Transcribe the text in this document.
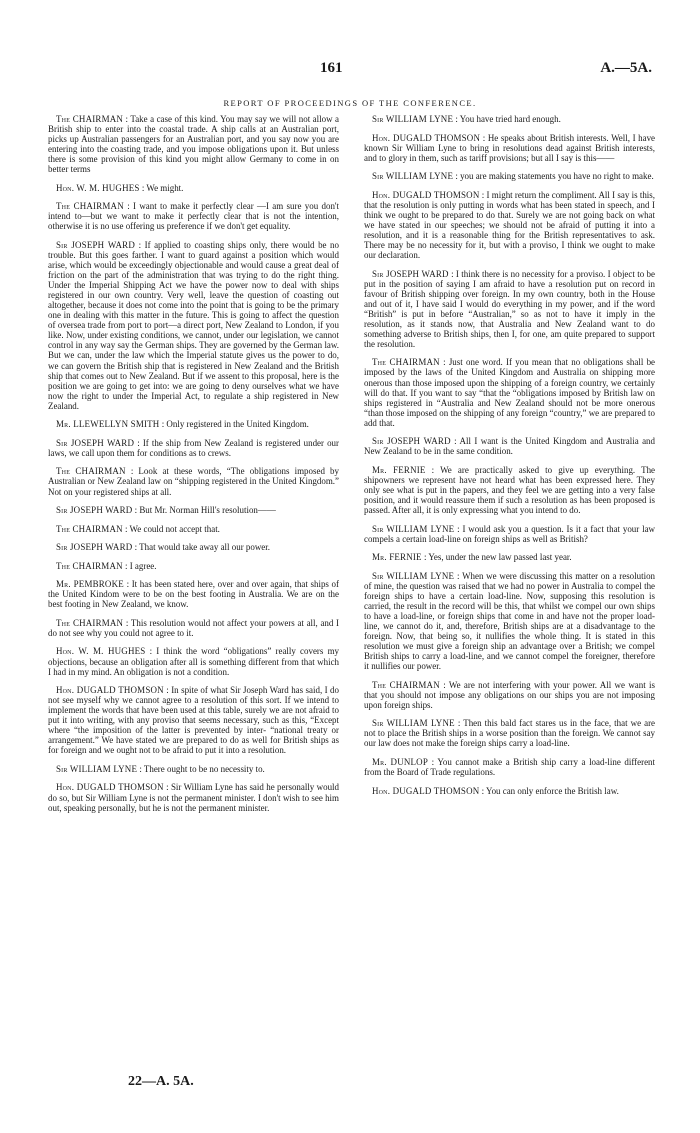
161	A.—5A.
REPORT OF PROCEEDINGS OF THE CONFERENCE.

The CHAIRMAN : Take a case of this kind. You may say we will not allow a British ship to enter into the coastal trade. A ship calls at an Australian port, picks up Australian passengers for an Australian port, and you say now you are entering into the coasting trade, and you impose obligations upon it. But unless there is some provision of this kind you might allow Germany to come in on better terms

Hon. W. M. HUGHES : We might.

The CHAIRMAN : I want to make it perfectly clear —I am sure you don't intend to—but we want to make it perfectly clear that is not the intention, otherwise it is no use offering us preference if we don't get equality.

Sir JOSEPH WARD : If applied to coasting ships only, there would be no trouble. But this goes farther. I want to guard against a position which would arise, which would be exceedingly objectionable and would cause a great deal of friction on the part of the administration that was trying to do the right thing. Under the Imperial Shipping Act we have the power now to deal with ships registered in our own country. Very well, leave the question of coasting out altogether, because it does not come into the point that is going to be the primary one in dealing with this matter in the future. This is going to affect the question of oversea trade from port to port—a direct port, New Zealand to London, if you like. Now, under existing conditions, we cannot, under our legislation, we cannot control in any way say the German ships. They are governed by the German law. But we can, under the law which the Imperial statute gives us the power to do, we can govern the British ship that is registered in New Zealand and the British ship that comes out to New Zealand. But if we assent to this proposal, here is the position we are going to get into: we are going to deny ourselves what we have now the right to under the Imperial Act, to regulate a ship registered in New Zealand.

Mr. LLEWELLYN SMITH : Only registered in the United Kingdom.

Sir JOSEPH WARD : If the ship from New Zealand is registered under our laws, we call upon them for conditions as to crews.

The CHAIRMAN : Look at these words, “The obligations imposed by Australian or New Zealand law on “shipping registered in the United Kingdom.” Not on your registered ships at all.

Sir JOSEPH WARD : But Mr. Norman Hill's resolution——

The CHAIRMAN : We could not accept that.

Sir JOSEPH WARD : That would take away all our power.

The CHAIRMAN : I agree.

Mr. PEMBROKE : It has been stated here, over and over again, that ships of the United Kindom were to be on the best footing in Australia. We are on the best footing in New Zealand, we know.

The CHAIRMAN : This resolution would not affect your powers at all, and I do not see why you could not agree to it.

Hon. W. M. HUGHES : I think the word “obligations” really covers my objections, because an obligation after all is something different from that which I had in my mind. An obligation is not a condition.

Hon. DUGALD THOMSON : In spite of what Sir Joseph Ward has said, I do not see myself why we cannot agree to a resolution of this sort. If we intend to implement the words that have been used at this table, surely we are not afraid to put it into writing, with any proviso that seems necessary, such as this, “Except where “the imposition of the latter is prevented by inter- “national treaty or arrangement.” We have stated we are prepared to do as well for British ships as for foreign and we ought not to be afraid to put it into a resolution.

Sir WILLIAM LYNE : There ought to be no necessity to.

Hon. DUGALD THOMSON : Sir William Lyne has said he personally would do so, but Sir William Lyne is not the permanent minister. I don't wish to see him out, speaking personally, but he is not the permanent minister.

Sir WILLIAM LYNE : You have tried hard enough.

Hon. DUGALD THOMSON : He speaks about British interests. Well, I have known Sir William Lyne to bring in resolutions dead against British interests, and to glory in them, such as tariff provisions; but all I say is this——

Sir WILLIAM LYNE : you are making statements you have no right to make.

Hon. DUGALD THOMSON : I might return the compliment. All I say is this, that the resolution is only putting in words what has been stated in speech, and I think we ought to be prepared to do that. Surely we are not going back on what we have stated in our speeches; we should not be afraid of putting it into a resolution, and it is a reasonable thing for the British representatives to ask. There may be no necessity for it, but with a proviso, I think we ought to make our declaration.

Sir JOSEPH WARD : I think there is no necessity for a proviso. I object to be put in the position of saying I am afraid to have a resolution put on record in favour of British shipping over foreign. In my own country, both in the House and out of it, I have said I would do everything in my power, and if the word “British” is put in before “Australian,” so as not to have it imply in the resolution, as it stands now, that Australia and New Zealand want to do something adverse to British ships, then I, for one, am quite prepared to support the resolution.

The CHAIRMAN : Just one word. If you mean that no obligations shall be imposed by the laws of the United Kingdom and Australia on shipping more onerous than those imposed upon the shipping of a foreign country, we certainly will do that. If you want to say “that the “obligations imposed by British law on ships registered in “Australia and New Zealand should not be more onerous “than those imposed on the shipping of any foreign “country,” we are prepared to add that.

Sir JOSEPH WARD : All I want is the United Kingdom and Australia and New Zealand to be in the same condition.

Mr. FERNIE : We are practically asked to give up everything. The shipowners we represent have not heard what has been expressed here. They only see what is put in the papers, and they feel we are getting into a very false position, and it would reassure them if such a resolution as has been proposed is passed. After all, it is only expressing what you intend to do.

Sir WILLIAM LYNE : I would ask you a question. Is it a fact that your law compels a certain load-line on foreign ships as well as British?

Mr. FERNIE : Yes, under the new law passed last year.

Sir WILLIAM LYNE : When we were discussing this matter on a resolution of mine, the question was raised that we had no power in Australia to compel the foreign ships to have a certain load-line. Now, supposing this resolution is carried, the result in the record will be this, that whilst we compel our own ships to have a load-line, or foreign ships that come in and have not the proper load-line, we cannot do it, and, therefore, British ships are at a disadvantage to the foreign. Now, that being so, it nullifies the whole thing. It is stated in this resolution we must give a foreign ship an advantage over a British; we compel British ships to carry a load-line, and we cannot compel the foreigner, therefore it nullifies our power.

The CHAIRMAN : We are not interfering with your power. All we want is that you should not impose any obligations on our ships you are not imposing upon foreign ships.

Sir WILLIAM LYNE : Then this bald fact stares us in the face, that we are not to place the British ships in a worse position than the foreign. We cannot say our law does not make the foreign ships carry a load-line.

Mr. DUNLOP : You cannot make a British ship carry a load-line different from the Board of Trade regulations.

Hon. DUGALD THOMSON : You can only enforce the British law.

22—A. 5A.
